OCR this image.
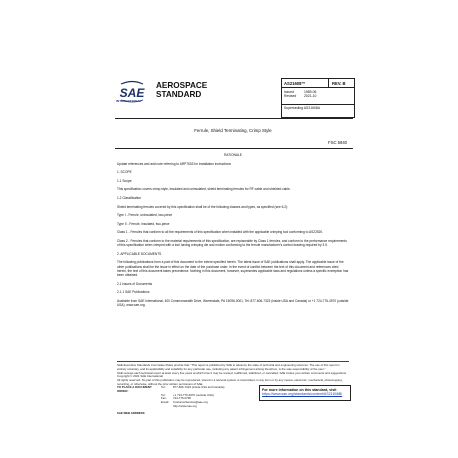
SAE
INTERNATIONAL
AEROSPACE
STANDARD
AS21608™	REV. B
Issued	1989-06
Revised 2021-10
Superseding AS21608A
Ferrule, Shield Terminating, Crimp Style
FSC 5940

RATIONALE

Update references and add note referring to ARP7503 for installation instructions

1. SCOPE

1.1 Scope:

This specification covers crimp style, insulated and uninsulated, shield terminating ferrules for RF cable and shielded cable.

1.2 Classification

Shield terminating ferrules covered by this specification shall be of the following classes and types, as specified (see 6.2):

Type I - Ferrule, uninsulated, two-piece

Type II - Ferrule, insulated, two-piece

Class 1 - Ferrules that conform to all the requirements of this specification when installed with the applicable crimping tool conforming to AS22520.

Class 2 - Ferrules that conform to the material requirements of this specification, are replaceable by Class 1 ferrules, and conform to the performance requirements of this specification when crimped with a tool having crimping die and motion conforming to the ferrule manufacturer's control drawing required by 3.5.

2. APPLICABLE DOCUMENTS

The following publications form a part of this document to the extent specified herein. The latest issue of SAE publications shall apply. The applicable issue of the other publications shall be the issue in effect on the date of the purchase order. In the event of conflict between the text of this document and references cited herein, the text of this document takes precedence. Nothing in this document, however, supersedes applicable laws and regulations unless a specific exemption has been obtained.

2.1 Issues of Documents

2.1.1 SAE Publications

Available from SAE International, 400 Commonwealth Drive, Warrendale, PA 15096-0001, Tel: 877-606-7323 (inside USA and Canada) or +1 724-776-4970 (outside USA), www.sae.org.

SAE Executive Standards Committee Rules provide that: "This report is published by SAE to advance the state of technical and engineering sciences. The use of this report is entirely voluntary, and its applicability and suitability for any particular use, including any patent infringement arising therefrom, is the sole responsibility of the user."
SAE reviews each technical report at least every five years at which time it may be revised, reaffirmed, stabilized, or cancelled. SAE invites your written comments and suggestions.
Copyright © 2021 SAE International
All rights reserved. No part of this publication may be reproduced, stored in a retrieval system or transmitted, in any form or by any means, electronic, mechanical, photocopying, recording, or otherwise, without the prior written permission of SAE.
TO PLACE A DOCUMENT ORDER:
Tel:	877-606-7323 (inside USA and Canada)
Tel:	+1 724-776-4970 (outside USA)
Fax:	724-776-0790
Email:	CustomerService@sae.org
http://www.sae.org
For more information on this standard, visit
https://www.sae.org/standards/content/AS21608B/
SAE WEB ADDRESS:
